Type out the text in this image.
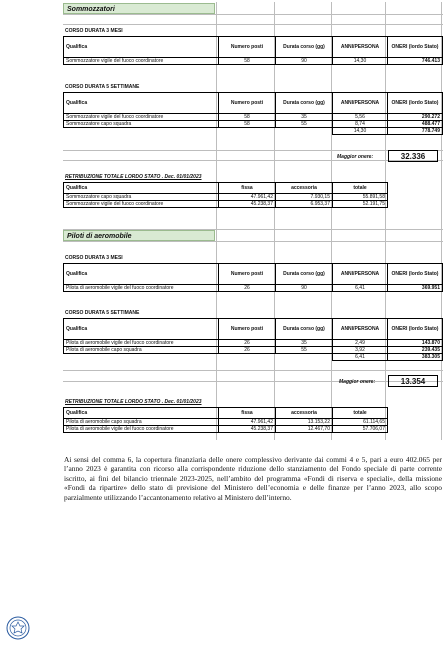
Sommozzatori
CORSO DURATA 3 MESI
Qualifica	Numero posti	Durata corso (gg)	ANNI/PERSONA	ONERI (lordo Stato)
Sommozzatore vigile del fuoco coordinatore	58	90	14,30	746.413
CORSO DURATA 5 SETTIMANE
Qualifica	Numero posti	Durata corso (gg)	ANNI/PERSONA	ONERI (lordo Stato)
Sommozzatore vigile del fuoco coordinatore	58	35	5,56	290.272
Sommozzatore capo squadra	58	55	8,74	488.477
			14,30	778.749
Maggior onere:	32.336
RETRIBUZIONE TOTALE LORDO STATO . Dec. 01/01/2023
Qualifica	fissa	accessoria	totale
Sommozzatore capo squadra	47.961,42	7.930,15	55.891,58
Sommozzatore vigile del fuoco coordinatore	45.238,37	6.953,37	52.191,75
Piloti di aeromobile
CORSO DURATA 3 MESI
Qualifica	Numero posti	Durata corso (gg)	ANNI/PERSONA	ONERI (lordo Stato)
Pilota di aeromobile vigile del fuoco coordinatore	26	90	6,41	369.951
CORSO DURATA 5 SETTIMANE
Qualifica	Numero posti	Durata corso (gg)	ANNI/PERSONA	ONERI (lordo Stato)
Pilota di aeromobile vigile del fuoco coordinatore	26	35	2,49	143.870
Pilota di aeromobile capo squadra	26	55	3,92	239.435
			6,41	383.305
Maggior onere:	13.354
RETRIBUZIONE TOTALE LORDO STATO . Dec. 01/01/2023
Qualifica	fissa	accessoria	totale
Pilota di aeromobile capo squadra	47.961,42	13.153,22	61.114,65
Pilota di aeromobile vigile del fuoco coordinatore	45.238,37	12.467,70	57.706,07
Ai sensi del comma 6, la copertura finanziaria delle onere complessivo derivante dai commi 4 e 5, pari a euro 402.065 per l’anno 2023 è garantita con ricorso alla corrispondente riduzione dello stanziamento del Fondo speciale di parte corrente iscritto, ai fini del bilancio triennale 2023-2025, nell’ambito del programma «Fondi di riserva e speciali», della missione «Fondi da ripartire» dello stato di previsione del Ministero dell’economia e delle finanze per l’anno 2023, allo scopo parzialmente utilizzando l’accantonamento relativo al Ministero dell’interno.
